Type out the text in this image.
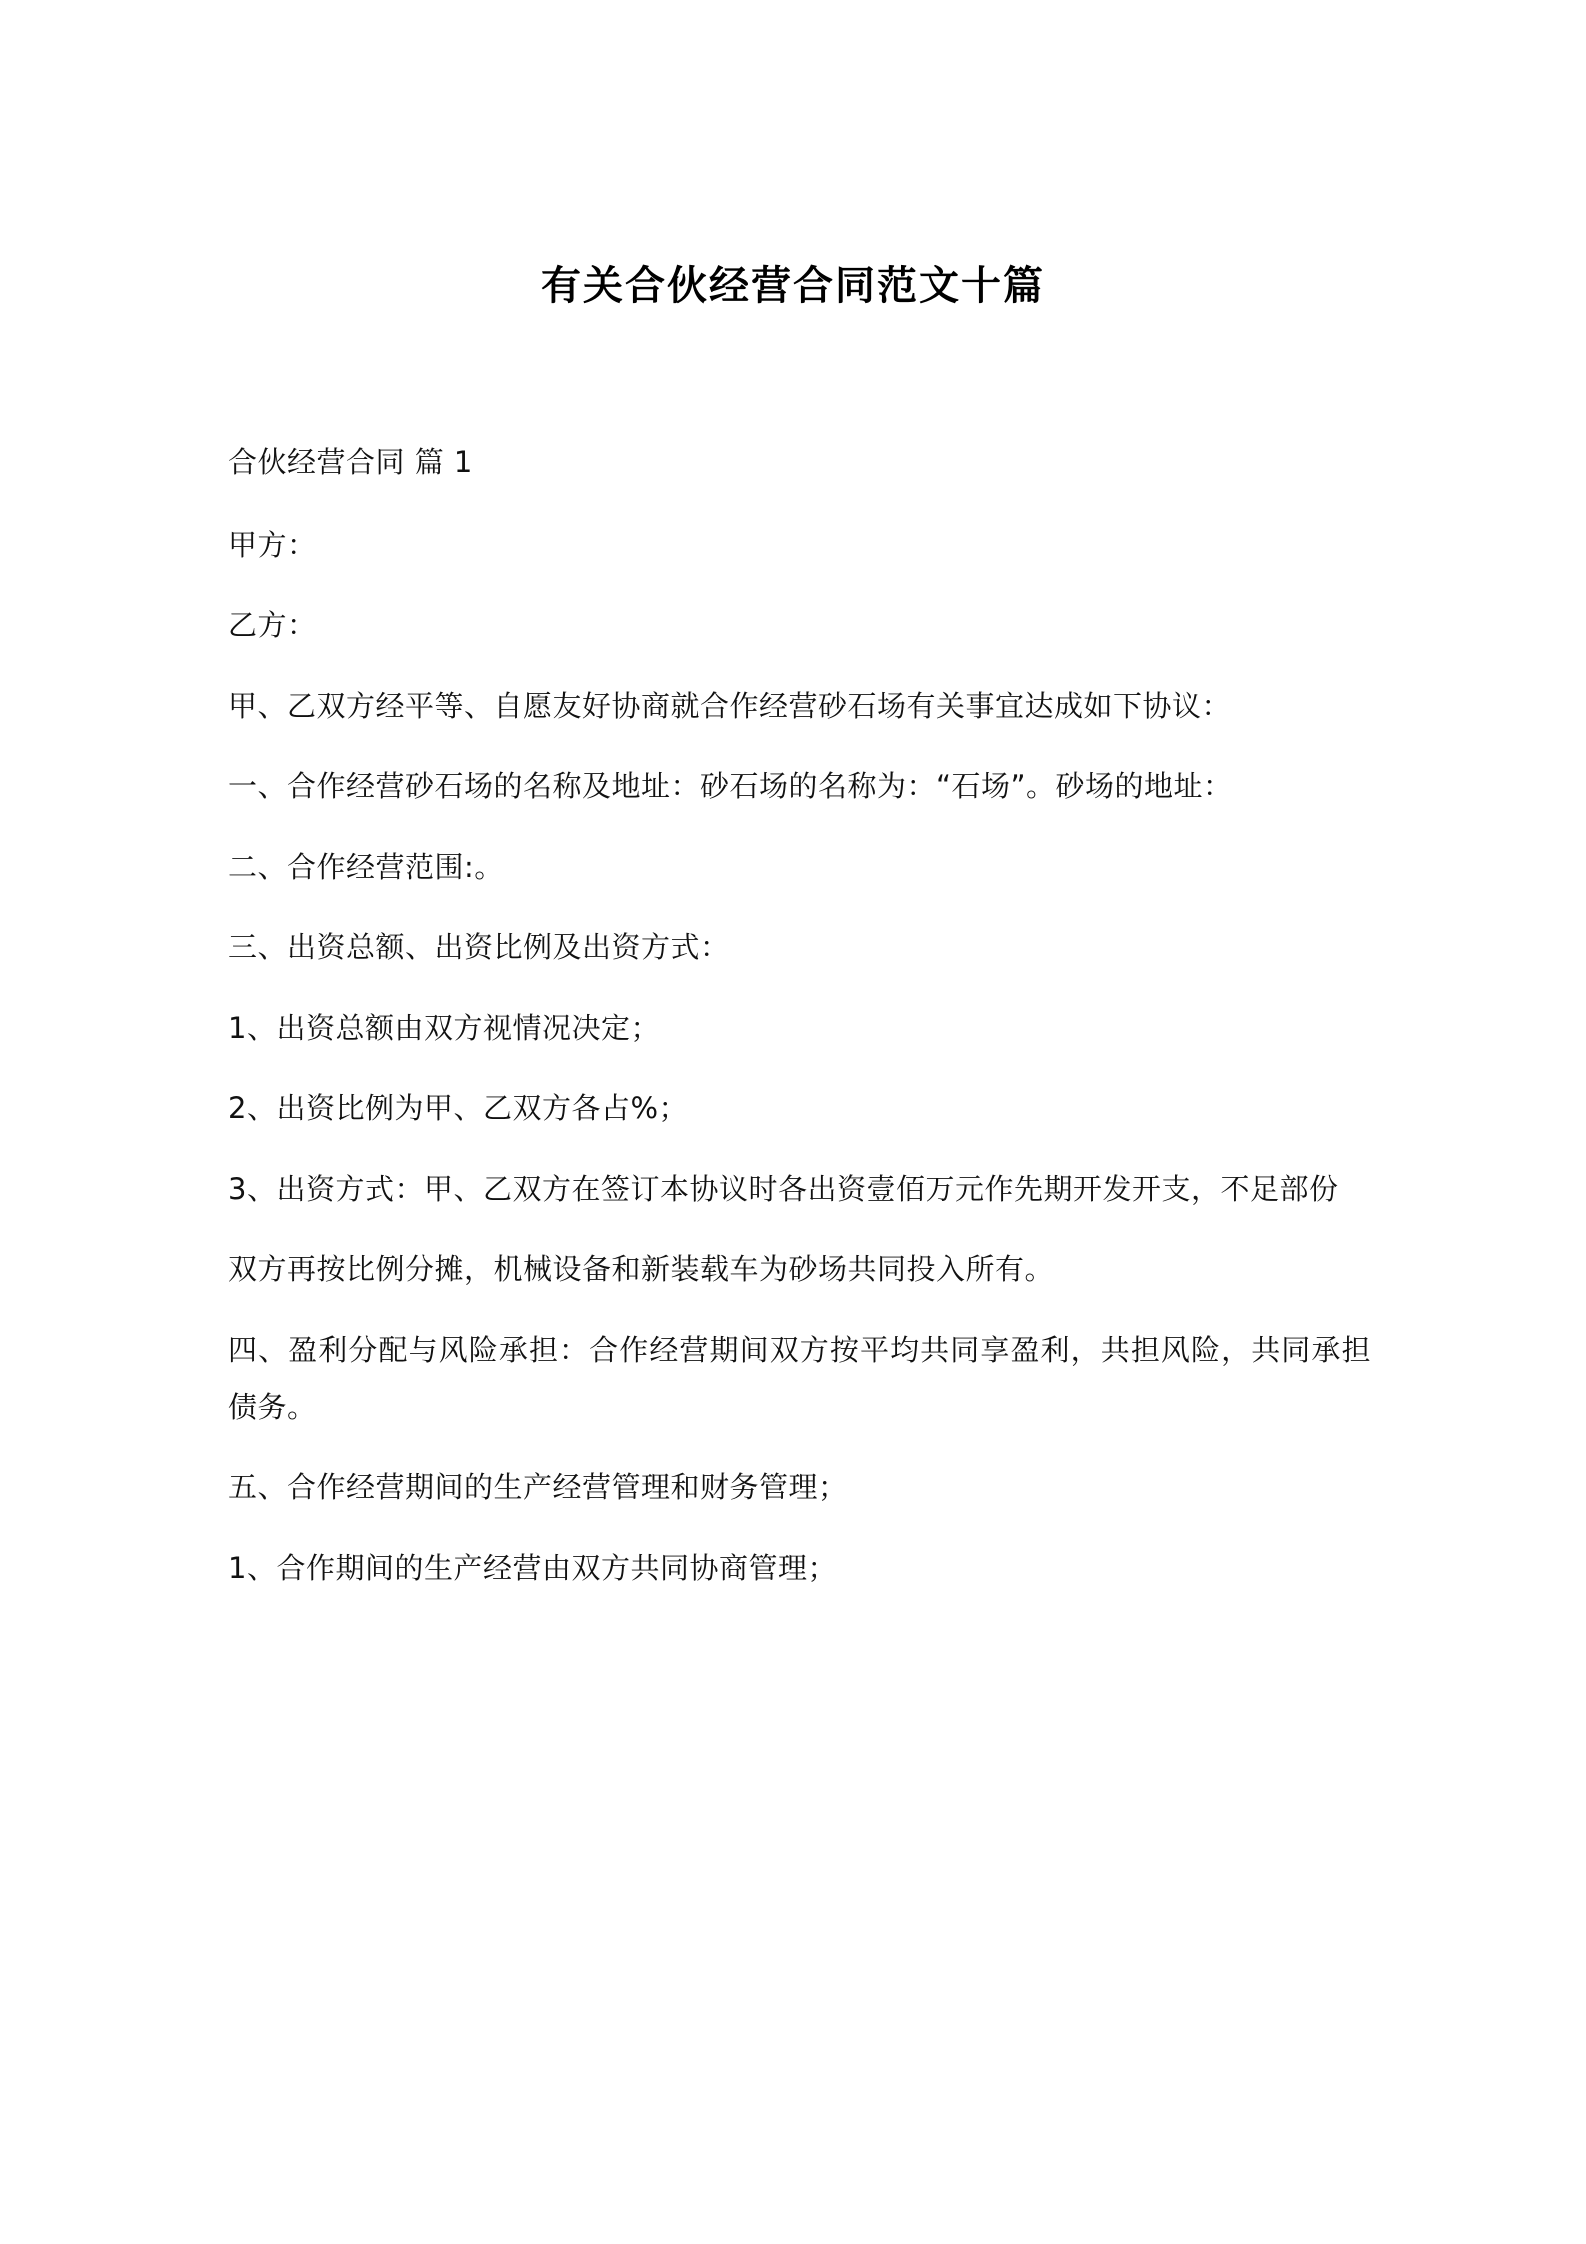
有关合伙经营合同范文十篇

合伙经营合同 篇 1

甲方：

乙方：

甲、乙双方经平等、自愿友好协商就合作经营砂石场有关事宜达成如下协议：

一、合作经营砂石场的名称及地址：砂石场的名称为：“石场”。砂场的地址：

二、合作经营范围:。

三、出资总额、出资比例及出资方式：

1、出资总额由双方视情况决定；

2、出资比例为甲、乙双方各占%；

3、出资方式：甲、乙双方在签订本协议时各出资壹佰万元作先期开发开支，不足部份

双方再按比例分摊，机械设备和新装载车为砂场共同投入所有。

四、盈利分配与风险承担：合作经营期间双方按平均共同享盈利，共担风险，共同承担债务。

五、合作经营期间的生产经营管理和财务管理；

1、合作期间的生产经营由双方共同协商管理；
